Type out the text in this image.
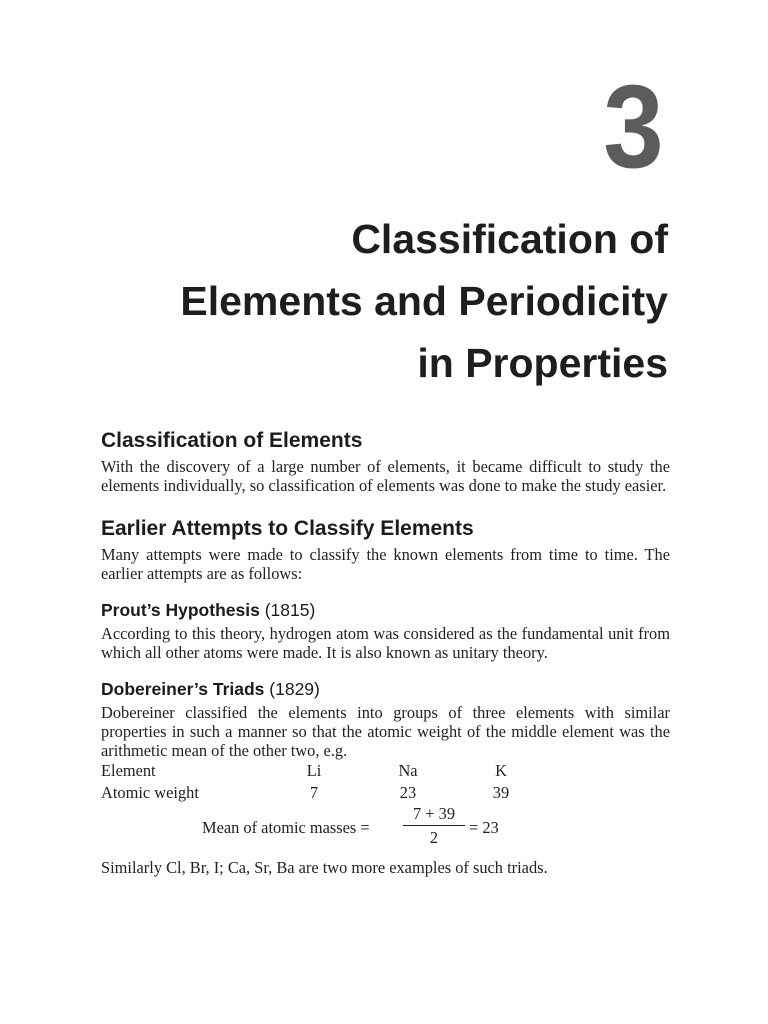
3
Classification of
Elements and Periodicity
in Properties
Classification of Elements

With the discovery of a large number of elements, it became difficult to study the elements individually, so classification of elements was done to make the study easier.

Earlier Attempts to Classify Elements

Many attempts were made to classify the known elements from time to time. The earlier attempts are as follows:

Prout’s Hypothesis (1815)

According to this theory, hydrogen atom was considered as the fundamental unit from which all other atoms were made. It is also known as unitary theory.

Dobereiner’s Triads (1829)

Dobereiner classified the elements into groups of three elements with similar properties in such a manner so that the atomic weight of the middle element was the arithmetic mean of the other two, e.g.

Element	Li	Na	K
Atomic weight	7	23	39
Mean of atomic masses =
7 + 39
2
= 23

Similarly Cl, Br, I; Ca, Sr, Ba are two more examples of such triads.
